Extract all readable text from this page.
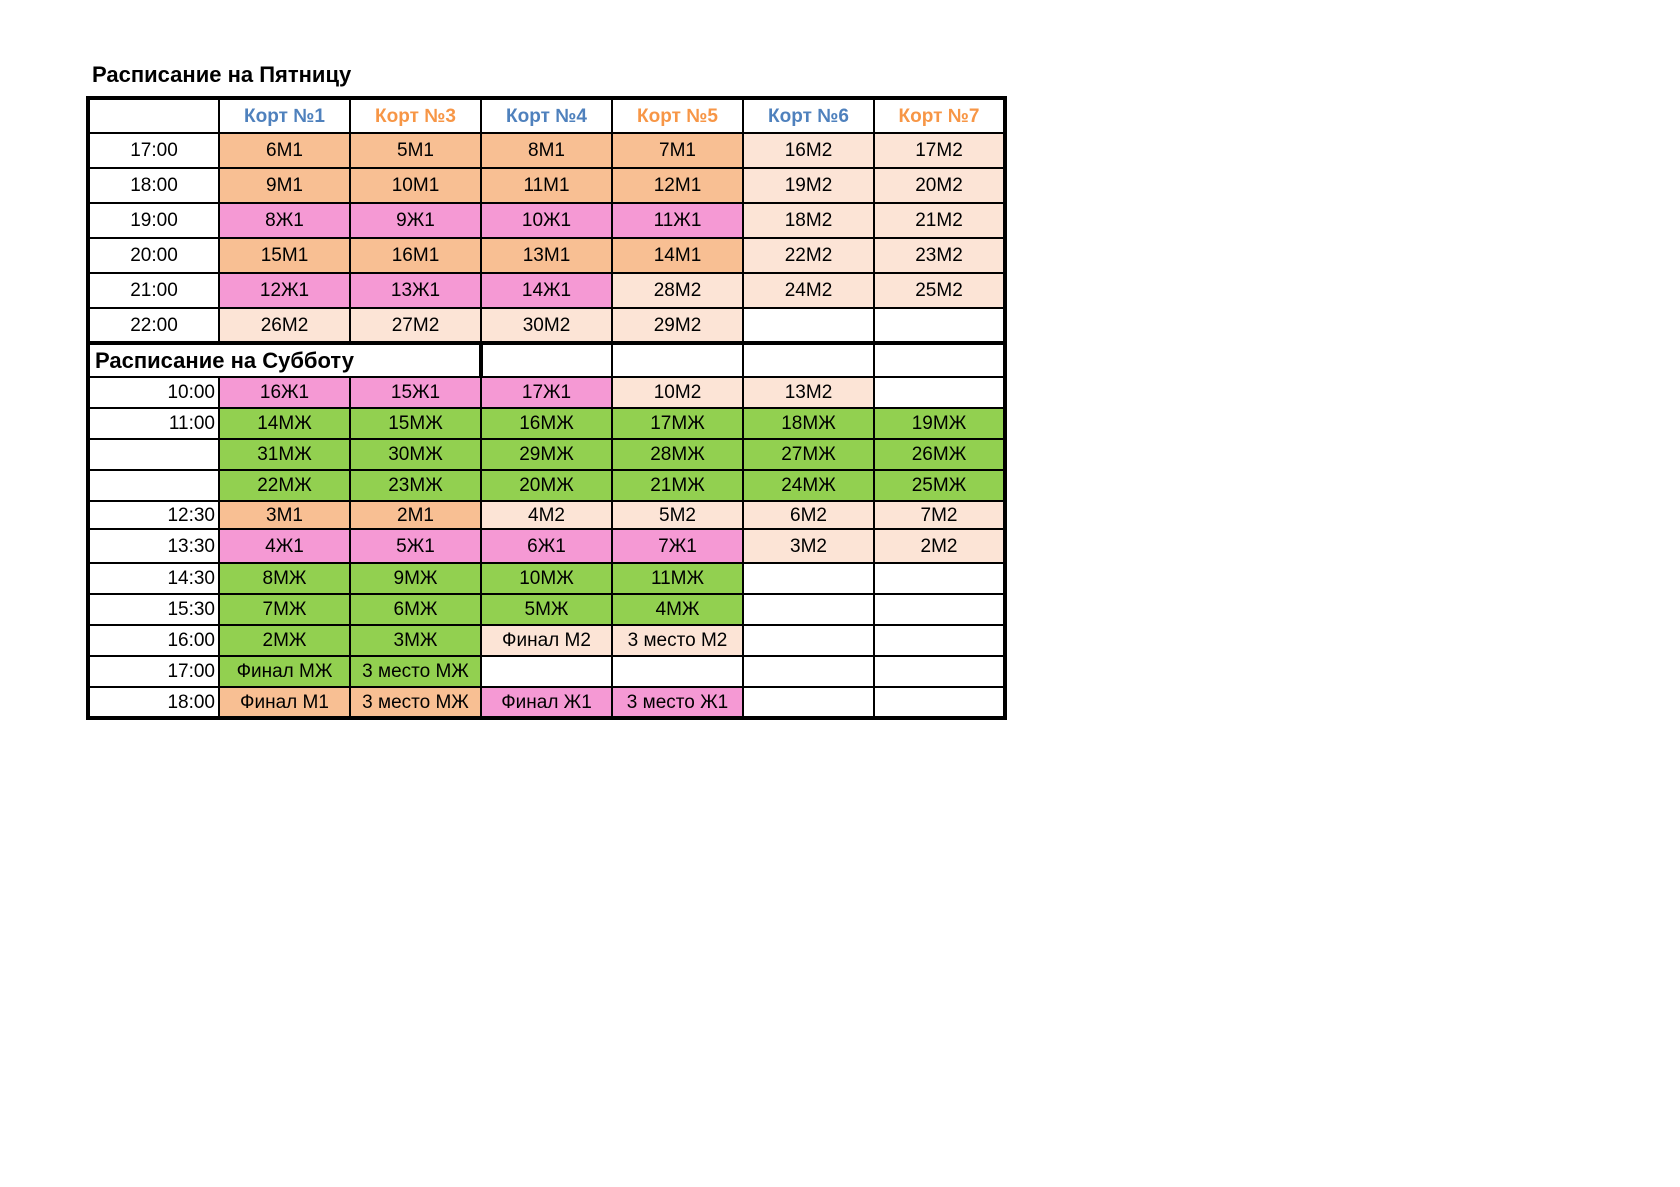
Расписание на Пятницу
	Корт №1	Корт №3	Корт №4	Корт №5	Корт №6	Корт №7
17:00	6М1	5М1	8М1	7М1	16М2	17М2
18:00	9М1	10М1	11М1	12М1	19М2	20М2
19:00	8Ж1	9Ж1	10Ж1	11Ж1	18М2	21М2
20:00	15М1	16М1	13М1	14М1	22М2	23М2
21:00	12Ж1	13Ж1	14Ж1	28М2	24М2	25М2
22:00	26М2	27М2	30М2	29М2		
Расписание на Субботу						
10:00	16Ж1	15Ж1	17Ж1	10М2	13М2	
11:00	14МЖ	15МЖ	16МЖ	17МЖ	18МЖ	19МЖ
	31МЖ	30МЖ	29МЖ	28МЖ	27МЖ	26МЖ
	22МЖ	23МЖ	20МЖ	21МЖ	24МЖ	25МЖ
12:30	3М1	2М1	4М2	5М2	6М2	7М2
13:30	4Ж1	5Ж1	6Ж1	7Ж1	3М2	2М2
14:30	8МЖ	9МЖ	10МЖ	11МЖ		
15:30	7МЖ	6МЖ	5МЖ	4МЖ		
16:00	2МЖ	3МЖ	Финал М2	3 место М2		
17:00	Финал МЖ	3 место МЖ				
18:00	Финал М1	3 место МЖ	Финал Ж1	3 место Ж1		
